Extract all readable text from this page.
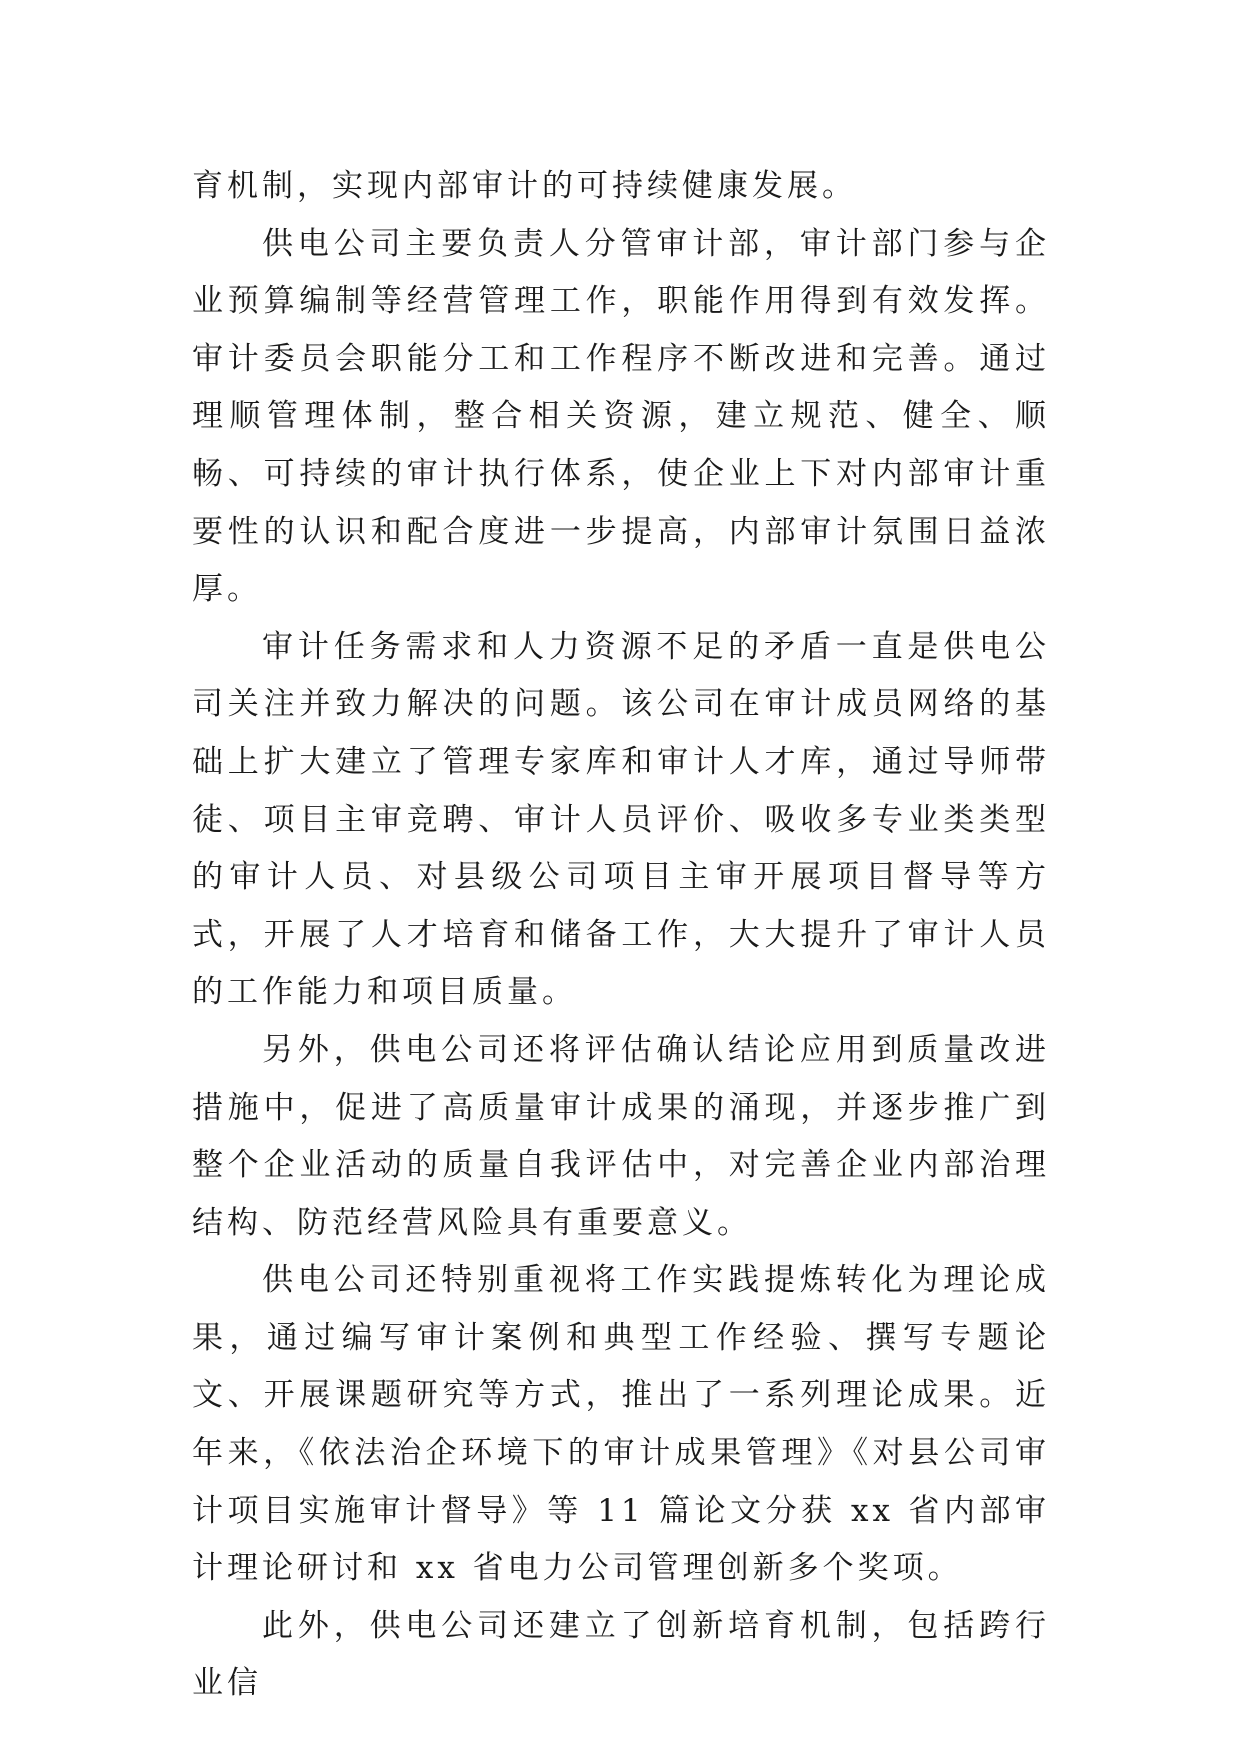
育机制，实现内部审计的可持续健康发展。

供电公司主要负责人分管审计部，审计部门参与企业预算编制等经营管理工作，职能作用得到有效发挥。审计委员会职能分工和工作程序不断改进和完善。通过理顺管理体制，整合相关资源，建立规范、健全、顺畅、可持续的审计执行体系，使企业上下对内部审计重要性的认识和配合度进一步提高，内部审计氛围日益浓厚。

审计任务需求和人力资源不足的矛盾一直是供电公司关注并致力解决的问题。该公司在审计成员网络的基础上扩大建立了管理专家库和审计人才库，通过导师带徒、项目主审竞聘、审计人员评价、吸收多专业类类型的审计人员、对县级公司项目主审开展项目督导等方式，开展了人才培育和储备工作，大大提升了审计人员的工作能力和项目质量。

另外，供电公司还将评估确认结论应用到质量改进措施中，促进了高质量审计成果的涌现，并逐步推广到整个企业活动的质量自我评估中，对完善企业内部治理结构、防范经营风险具有重要意义。

供电公司还特别重视将工作实践提炼转化为理论成果，通过编写审计案例和典型工作经验、撰写专题论文、开展课题研究等方式，推出了一系列理论成果。近年来，《依法治企环境下的审计成果管理》《对县公司审计项目实施审计督导》等 11 篇论文分获 xx 省内部审计理论研讨和 xx 省电力公司管理创新多个奖项。

此外，供电公司还建立了创新培育机制，包括跨行业信
